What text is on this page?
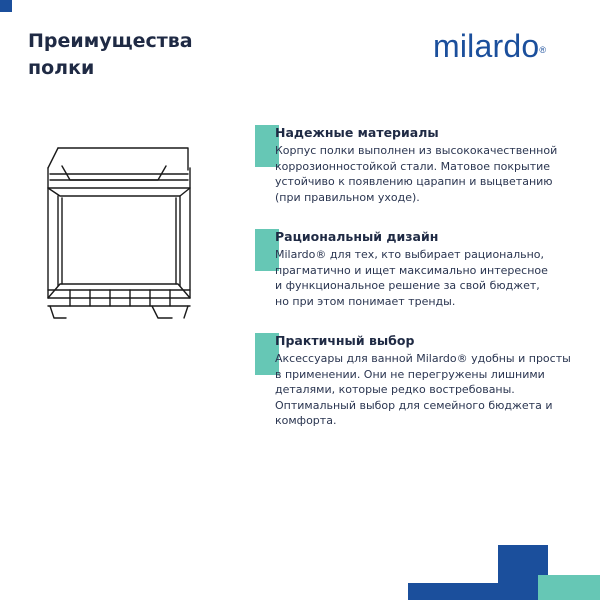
Преимущества
полки
milardo®
Надежные материалы

Корпус полки выполнен из высококачественной
коррозионностойкой стали. Матовое покрытие
устойчиво к появлению царапин и выцветанию
(при правильном уходе).

Рациональный дизайн

Milardo® для тех, кто выбирает рационально,
прагматично и ищет максимально интересное
и функциональное решение за свой бюджет,
но при этом понимает тренды.

Практичный выбор

Аксессуары для ванной Milardo® удобны и просты
в применении. Они не перегружены лишними
деталями, которые редко востребованы.
Оптимальный выбор для семейного бюджета и
комфорта.
